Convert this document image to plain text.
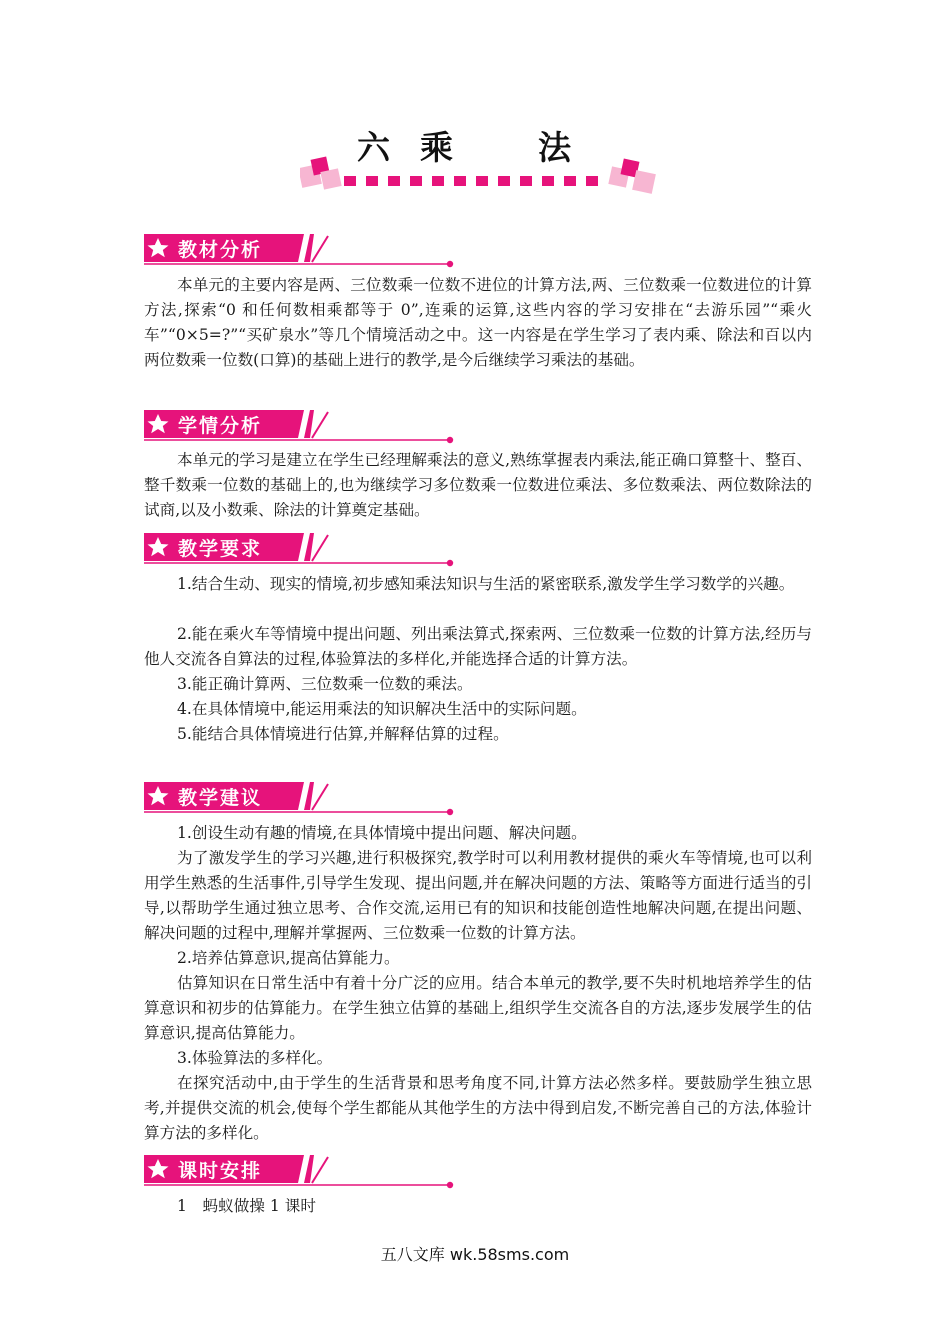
六 乘	法
教材分析
本单元的主要内容是两、三位数乘一位数不进位的计算方法,两、三位数乘一位数进位的计算方法,探索“0 和任何数相乘都等于 0”,连乘的运算,这些内容的学习安排在“去游乐园”“乘火车”“0×5=?”“买矿泉水”等几个情境活动之中。这一内容是在学生学习了表内乘、除法和百以内两位数乘一位数(口算)的基础上进行的教学,是今后继续学习乘法的基础。
学情分析
本单元的学习是建立在学生已经理解乘法的意义,熟练掌握表内乘法,能正确口算整十、整百、整千数乘一位数的基础上的,也为继续学习多位数乘一位数进位乘法、多位数乘法、两位数除法的试商,以及小数乘、除法的计算奠定基础。
教学要求
1.结合生动、现实的情境,初步感知乘法知识与生活的紧密联系,激发学生学习数学的兴趣。
2.能在乘火车等情境中提出问题、列出乘法算式,探索两、三位数乘一位数的计算方法,经历与他人交流各自算法的过程,体验算法的多样化,并能选择合适的计算方法。
3.能正确计算两、三位数乘一位数的乘法。
4.在具体情境中,能运用乘法的知识解决生活中的实际问题。
5.能结合具体情境进行估算,并解释估算的过程。
教学建议
1.创设生动有趣的情境,在具体情境中提出问题、解决问题。
为了激发学生的学习兴趣,进行积极探究,教学时可以利用教材提供的乘火车等情境,也可以利用学生熟悉的生活事件,引导学生发现、提出问题,并在解决问题的方法、策略等方面进行适当的引导,以帮助学生通过独立思考、合作交流,运用已有的知识和技能创造性地解决问题,在提出问题、解决问题的过程中,理解并掌握两、三位数乘一位数的计算方法。
2.培养估算意识,提高估算能力。
估算知识在日常生活中有着十分广泛的应用。结合本单元的教学,要不失时机地培养学生的估算意识和初步的估算能力。在学生独立估算的基础上,组织学生交流各自的方法,逐步发展学生的估算意识,提高估算能力。
3.体验算法的多样化。
在探究活动中,由于学生的生活背景和思考角度不同,计算方法必然多样。要鼓励学生独立思考,并提供交流的机会,使每个学生都能从其他学生的方法中得到启发,不断完善自己的方法,体验计算方法的多样化。
课时安排
1　蚂蚁做操 1 课时
五八文库 wk.58sms.com
